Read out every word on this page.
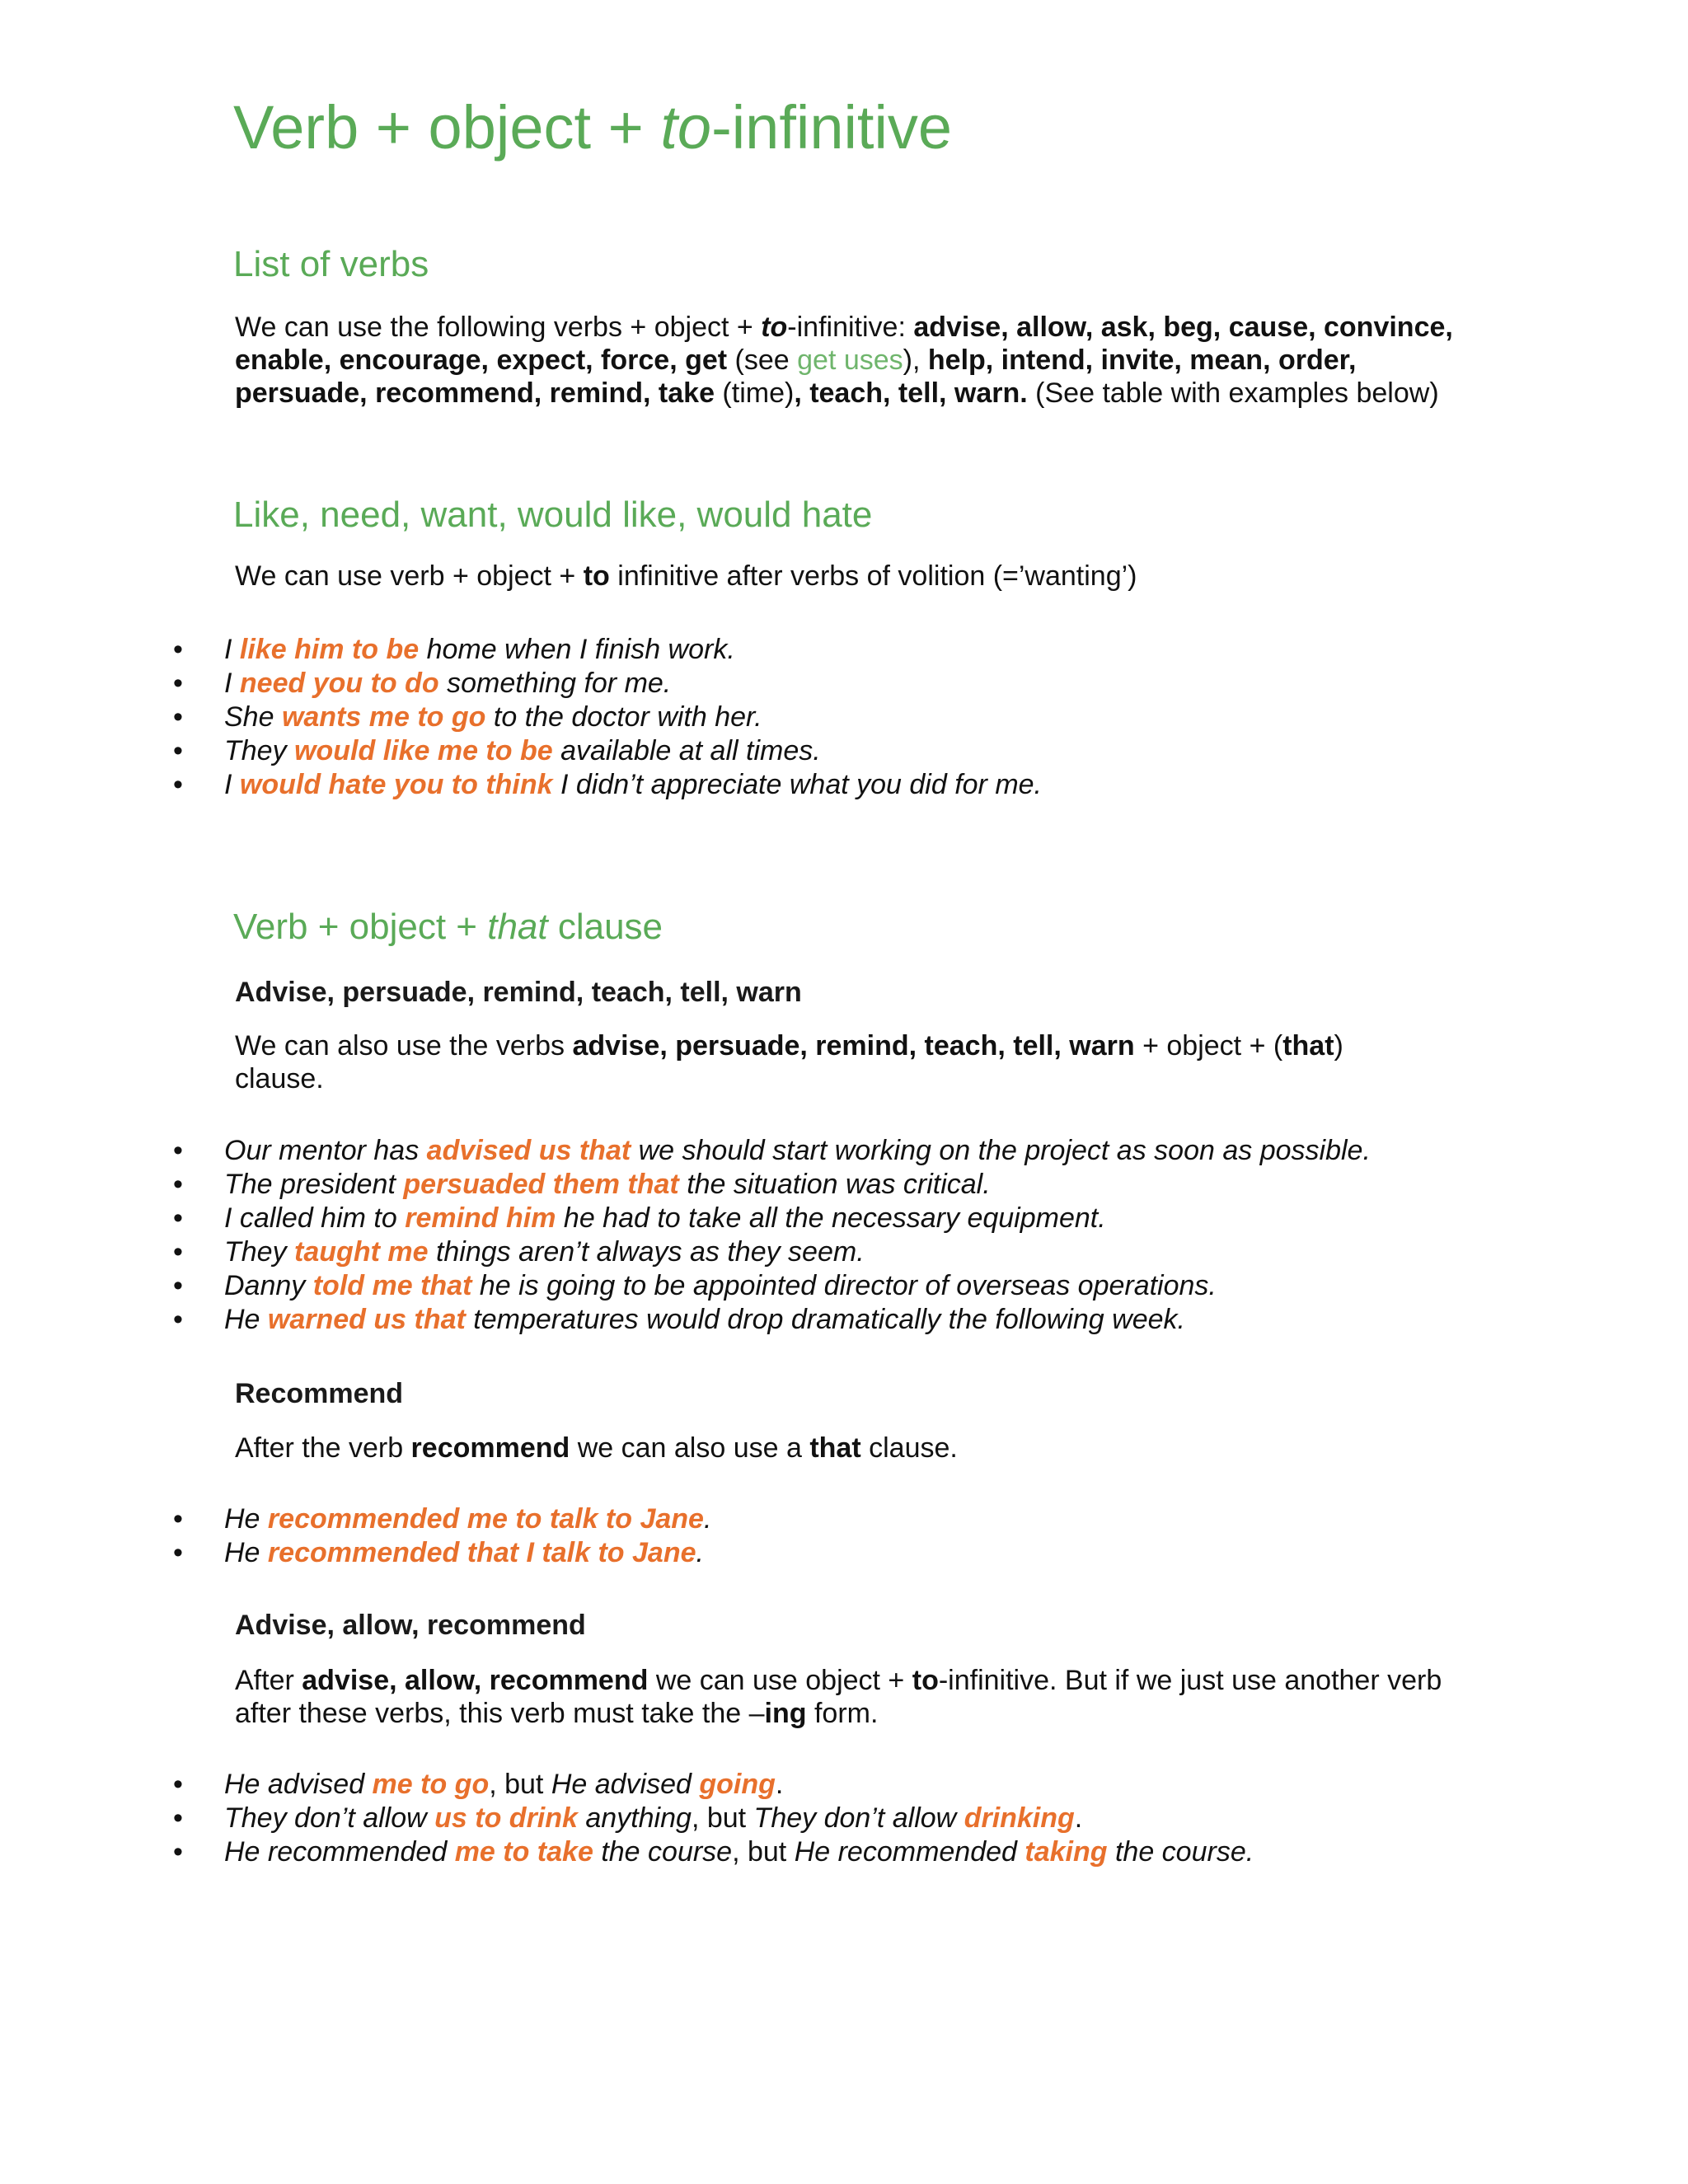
Verb + object + to-infinitive
List of verbs

We can use the following verbs + object + to-infinitive: advise, allow, ask, beg, cause, convince, enable, encourage, expect, force, get (see get uses), help, intend, invite, mean, order, persuade, recommend, remind, take (time), teach, tell, warn. (See table with examples below)

Like, need, want, would like, would hate

We can use verb + object + to infinitive after verbs of volition (=’wanting’)

• I like him to be home when I finish work.
• I need you to do something for me.
• She wants me to go to the doctor with her.
• They would like me to be available at all times.
• I would hate you to think I didn’t appreciate what you did for me.
Verb + object + that clause
Advise, persuade, remind, teach, tell, warn

We can also use the verbs advise, persuade, remind, teach, tell, warn + object + (that) clause.

• Our mentor has advised us that we should start working on the project as soon as possible.
• The president persuaded them that the situation was critical.
• I called him to remind him he had to take all the necessary equipment.
• They taught me things aren’t always as they seem.
• Danny told me that he is going to be appointed director of overseas operations.
• He warned us that temperatures would drop dramatically the following week.
Recommend

After the verb recommend we can also use a that clause.

• He recommended me to talk to Jane.
• He recommended that I talk to Jane.
Advise, allow, recommend

After advise, allow, recommend we can use object + to-infinitive. But if we just use another verb after these verbs, this verb must take the –ing form.

• He advised me to go, but He advised going.
• They don’t allow us to drink anything, but They don’t allow drinking.
• He recommended me to take the course, but He recommended taking the course.
